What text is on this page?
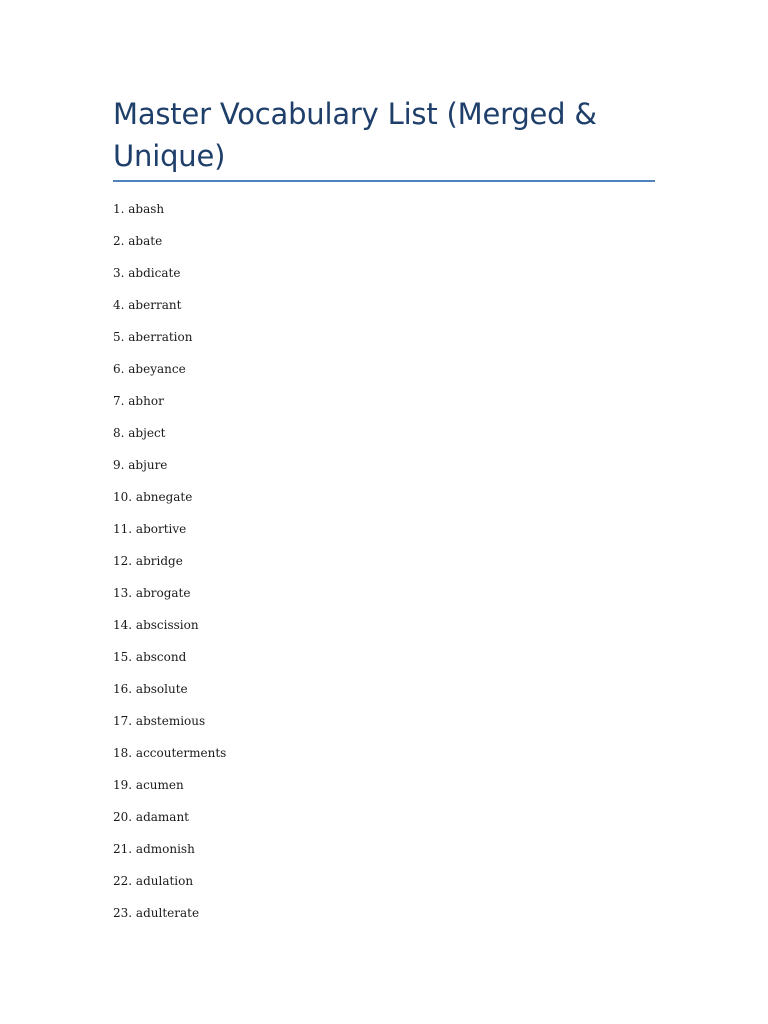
Master Vocabulary List (Merged & Unique)
1. abash
2. abate
3. abdicate
4. aberrant
5. aberration
6. abeyance
7. abhor
8. abject
9. abjure
10. abnegate
11. abortive
12. abridge
13. abrogate
14. abscission
15. abscond
16. absolute
17. abstemious
18. accouterments
19. acumen
20. adamant
21. admonish
22. adulation
23. adulterate
